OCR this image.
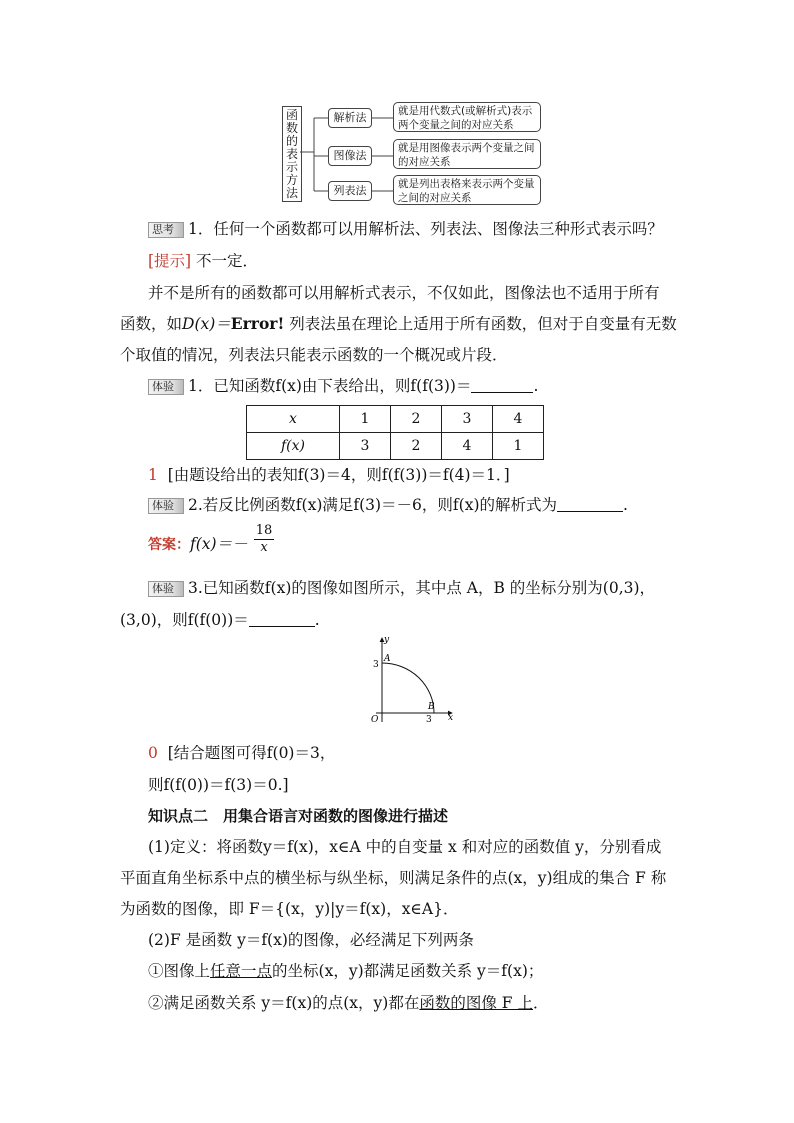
函数的表示方法
解析法
图像法
列表法
就是用代数式(或解析式)表示两个变量之间的对应关系
就是用图像表示两个变量之间的对应关系
就是列出表格来表示两个变量之间的对应关系
思考 1．任何一个函数都可以用解析法、列表法、图像法三种形式表示吗？
[提示] 不一定．
并不是所有的函数都可以用解析式表示，不仅如此，图像法也不适用于所有
函数，如D(x)＝Error! 列表法虽在理论上适用于所有函数，但对于自变量有无数
个取值的情况，列表法只能表示函数的一个概况或片段．
体验 1．已知函数f(x)由下表给出，则f(f(3))＝	.
x	1	2	3	4
f(x)	3	2	4	1
1 [由题设给出的表知f(3)＝4，则f(f(3))＝f(4)＝1．]
体验 2.若反比例函数f(x)满足f(3)＝－6，则f(x)的解析式为	.
答案：$f(x)=- \frac{18}{x}$
体验 3.已知函数f(x)的图像如图所示，其中点 A，B 的坐标分别为(0,3)，
(3,0)，则f(f(0))＝	.
y
x
O
3
3
A
B
0 [结合题图可得f(0)＝3，
则f(f(0))＝f(3)＝0.]
知识点二　用集合语言对函数的图像进行描述
(1)定义：将函数y＝f(x)，x∈A 中的自变量 x 和对应的函数值 y，分别看成
平面直角坐标系中点的横坐标与纵坐标，则满足条件的点(x，y)组成的集合 F 称
为函数的图像，即 F＝{(x，y)|y＝f(x)，x∈A}．
(2)F 是函数 y＝f(x)的图像，必经满足下列两条
①图像上任意一点的坐标(x，y)都满足函数关系 y＝f(x)；
②满足函数关系 y＝f(x)的点(x，y)都在函数的图像 F 上．
